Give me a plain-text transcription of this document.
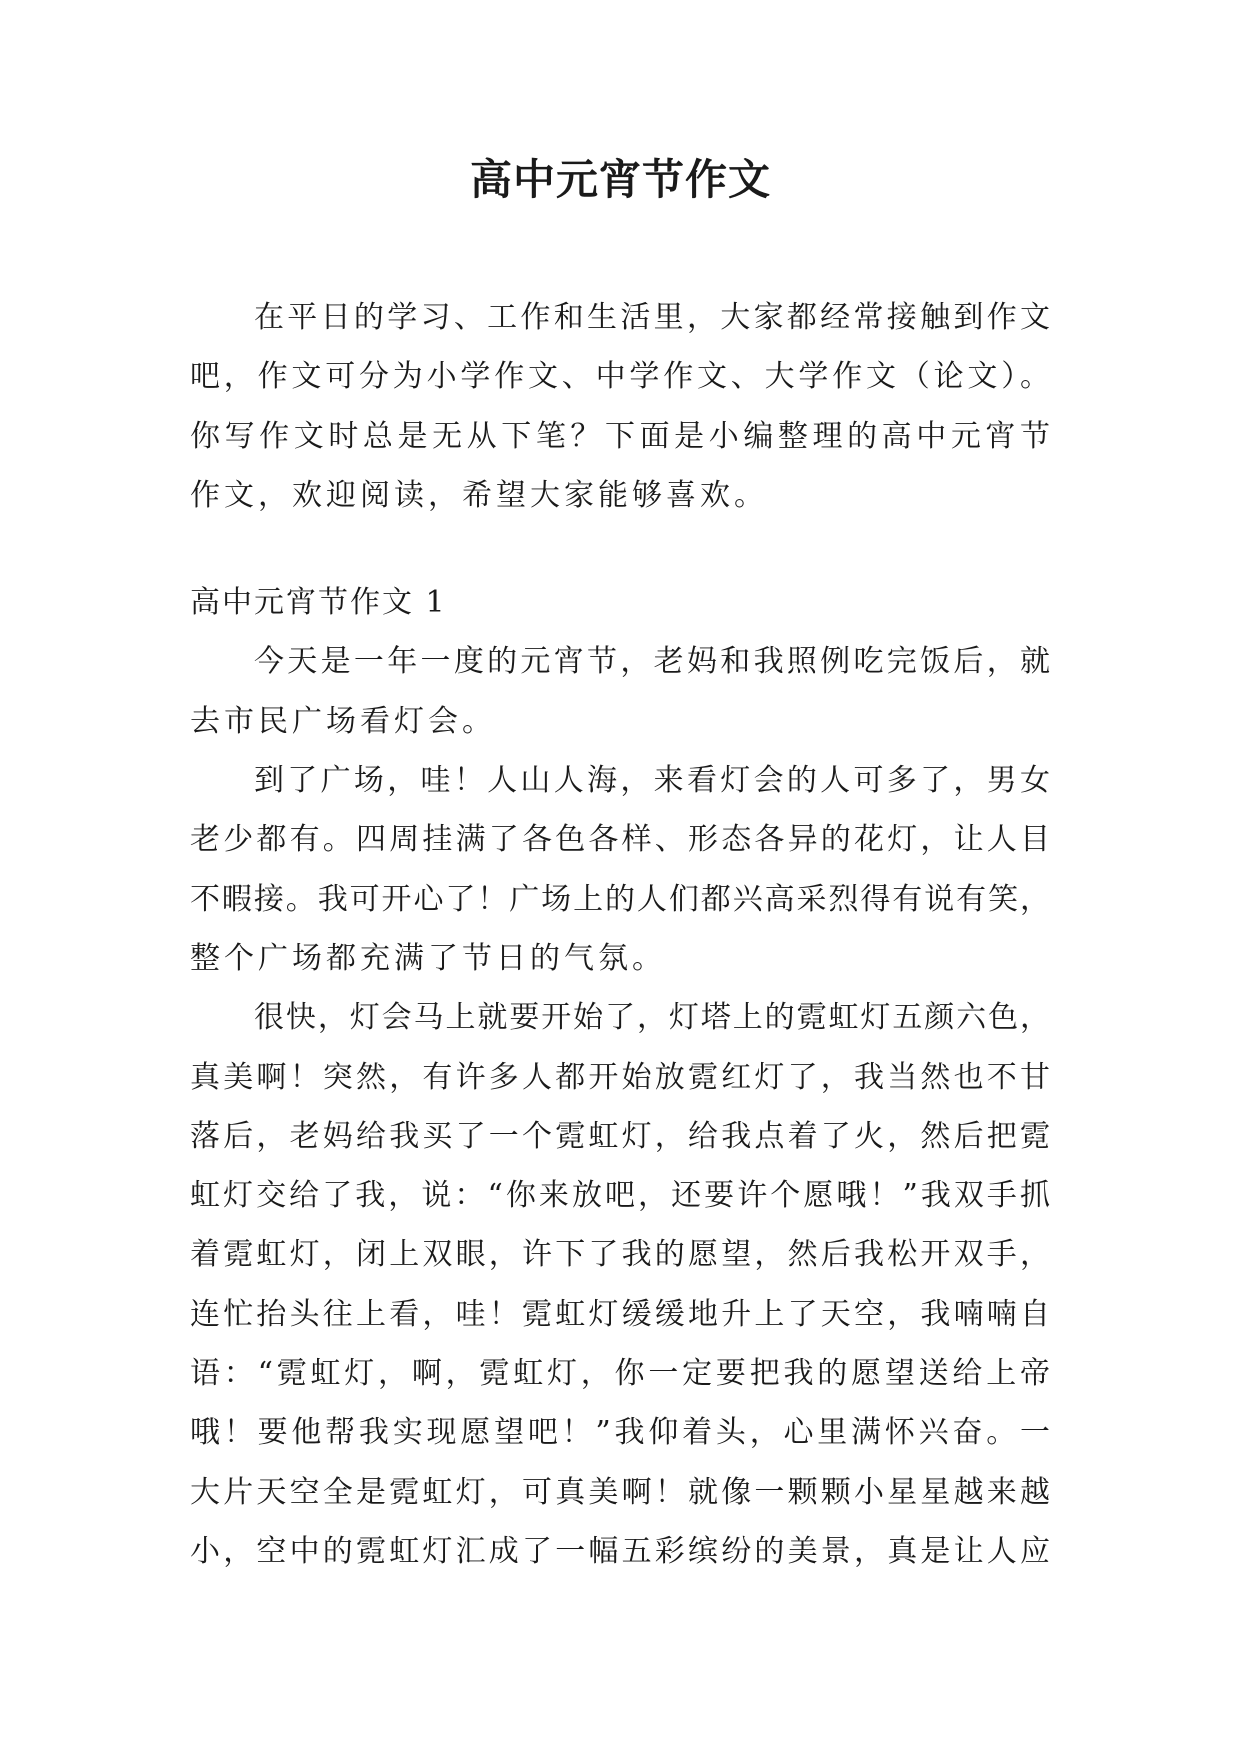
高中元宵节作文
在平日的学习、工作和生活里，大家都经常接触到作文
吧，作文可分为小学作文、中学作文、大学作文（论文）。
你写作文时总是无从下笔？下面是小编整理的高中元宵节
作文，欢迎阅读，希望大家能够喜欢。
高中元宵节作文 1
今天是一年一度的元宵节，老妈和我照例吃完饭后，就
去市民广场看灯会。
到了广场，哇！人山人海，来看灯会的人可多了，男女
老少都有。四周挂满了各色各样、形态各异的花灯，让人目
不暇接。我可开心了！广场上的人们都兴高采烈得有说有笑，
整个广场都充满了节日的气氛。
很快，灯会马上就要开始了，灯塔上的霓虹灯五颜六色，
真美啊！突然，有许多人都开始放霓红灯了，我当然也不甘
落后，老妈给我买了一个霓虹灯，给我点着了火，然后把霓
虹灯交给了我，说：“你来放吧，还要许个愿哦！”我双手抓
着霓虹灯，闭上双眼，许下了我的愿望，然后我松开双手，
连忙抬头往上看，哇！霓虹灯缓缓地升上了天空，我喃喃自
语：“霓虹灯，啊，霓虹灯，你一定要把我的愿望送给上帝
哦！要他帮我实现愿望吧！”我仰着头，心里满怀兴奋。一
大片天空全是霓虹灯，可真美啊！就像一颗颗小星星越来越
小，空中的霓虹灯汇成了一幅五彩缤纷的美景，真是让人应
